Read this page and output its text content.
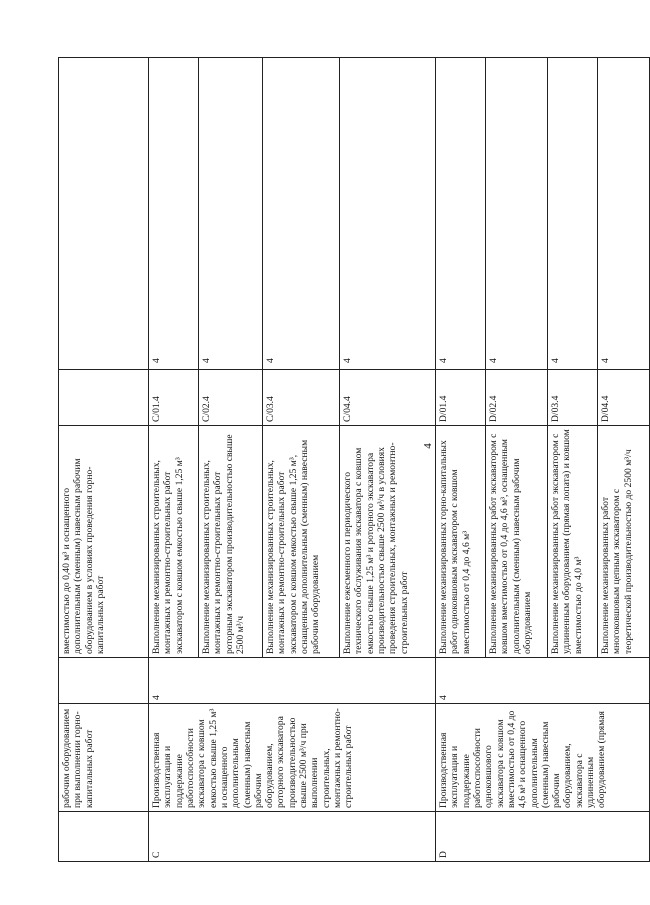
4
	рабочим оборудованием при выполнении горно-капитальных работ		вместимостью до 0,40 м³ и оснащенного дополнительным (сменным) навесным рабочим оборудованием в условиях проведения горно-капитальных работ		
C	Производственная эксплуатация и поддержание работоспособности экскаватора с ковшом емкостью свыше 1,25 м³ и оснащенного дополнительным (сменным) навесным рабочим оборудованием, роторного экскаватора производительностью свыше 2500 м³/ч при выполнении строительных, монтажных и ремонтно-строительных работ	4	Выполнение механизированных строительных, монтажных и ремонтно-строительных работ экскаватором с ковшом емкостью свыше 1,25 м³	C/01.4	4
			Выполнение механизированных строительных, монтажных и ремонтно-строительных работ роторным экскаватором производительностью свыше 2500 м³/ч	C/02.4	4
			Выполнение механизированных строительных, монтажных и ремонтно-строительных работ экскаватором с ковшом емкостью свыше 1,25 м³, оснащенным дополнительным (сменным) навесным рабочим оборудованием	C/03.4	4
			Выполнение ежесменного и периодического технического обслуживания экскаватора с ковшом емкостью свыше 1,25 м³ и роторного экскаватора производительностью свыше 2500 м³/ч в условиях проведения строительных, монтажных и ремонтно-строительных работ	C/04.4	4
D	Производственная эксплуатация и поддержание работоспособности одноковшового экскаватора с ковшом вместимостью от 0,4 до 4,6 м³ и оснащенного дополнительным (сменным) навесным рабочим оборудованием, экскаватора с удлиненным оборудованием (прямая	4	Выполнение механизированных горно-капитальных работ одноковшовым экскаватором с ковшом вместимостью от 0,4 до 4,6 м³	D/01.4	4
			Выполнение механизированных работ экскаватором с ковшом вместимостью от 0,4 до 4,6 м³, оснащенным дополнительным (сменным) навесным рабочим оборудованием	D/02.4	4
			Выполнение механизированных работ экскаватором с удлиненным оборудованием (прямая лопата) и ковшом вместимостью до 4,0 м³	D/03.4	4
			Выполнение механизированных работ многоковшовым цепным экскаватором с теоретической производительностью до 2500 м³/ч	D/04.4	4
